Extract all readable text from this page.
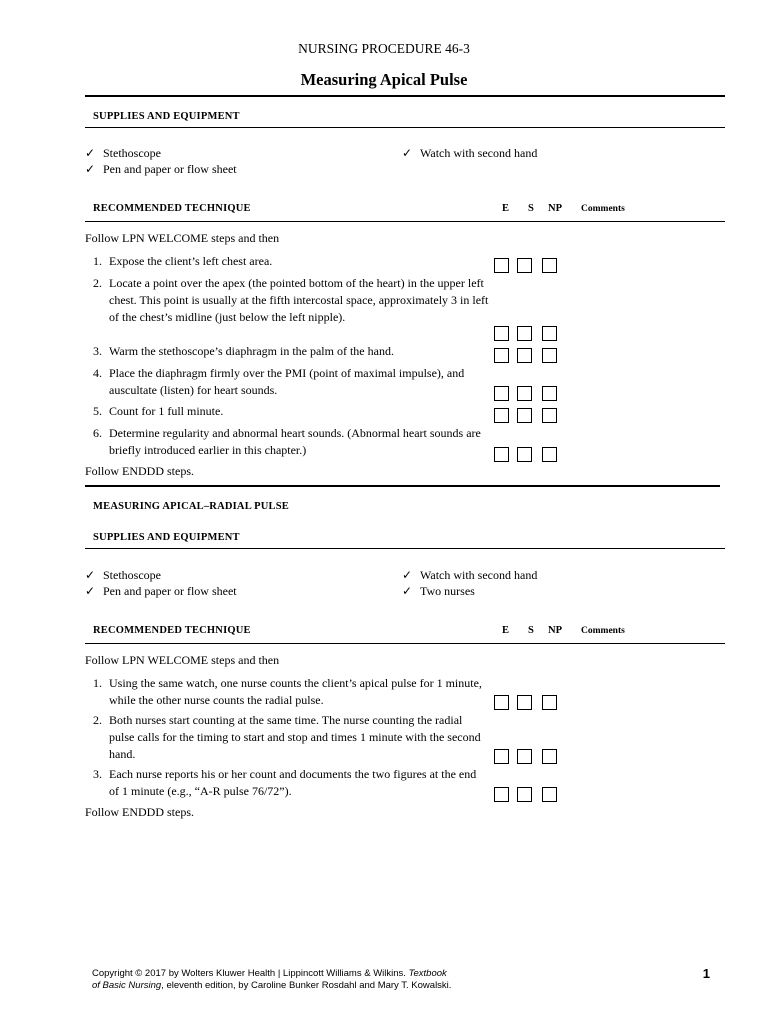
NURSING PROCEDURE 46-3
Measuring Apical Pulse
SUPPLIES AND EQUIPMENT
✓ Stethoscope
✓ Pen and paper or flow sheet
✓ Watch with second hand
RECOMMENDED TECHNIQUE	E S NP Comments
Follow LPN WELCOME steps and then
1. Expose the client’s left chest area.
2. Locate a point over the apex (the pointed bottom of the heart) in the upper left chest. This point is usually at the fifth intercostal space, approximately 3 in left of the chest’s midline (just below the left nipple).
3. Warm the stethoscope’s diaphragm in the palm of the hand.
4. Place the diaphragm firmly over the PMI (point of maximal impulse), and auscultate (listen) for heart sounds.
5. Count for 1 full minute.
6. Determine regularity and abnormal heart sounds. (Abnormal heart sounds are briefly introduced earlier in this chapter.)
Follow ENDDD steps.
MEASURING APICAL–RADIAL PULSE
SUPPLIES AND EQUIPMENT
✓ Stethoscope
✓ Pen and paper or flow sheet
✓ Watch with second hand
✓ Two nurses
RECOMMENDED TECHNIQUE	E S NP Comments
Follow LPN WELCOME steps and then
1. Using the same watch, one nurse counts the client’s apical pulse for 1 minute, while the other nurse counts the radial pulse.
2. Both nurses start counting at the same time. The nurse counting the radial pulse calls for the timing to start and stop and times 1 minute with the second hand.
3. Each nurse reports his or her count and documents the two figures at the end of 1 minute (e.g., “A-R pulse 76/72”).
Follow ENDDD steps.
Copyright © 2017 by Wolters Kluwer Health | Lippincott Williams & Wilkins. Textbook
of Basic Nursing, eleventh edition, by Caroline Bunker Rosdahl and Mary T. Kowalski.
1
